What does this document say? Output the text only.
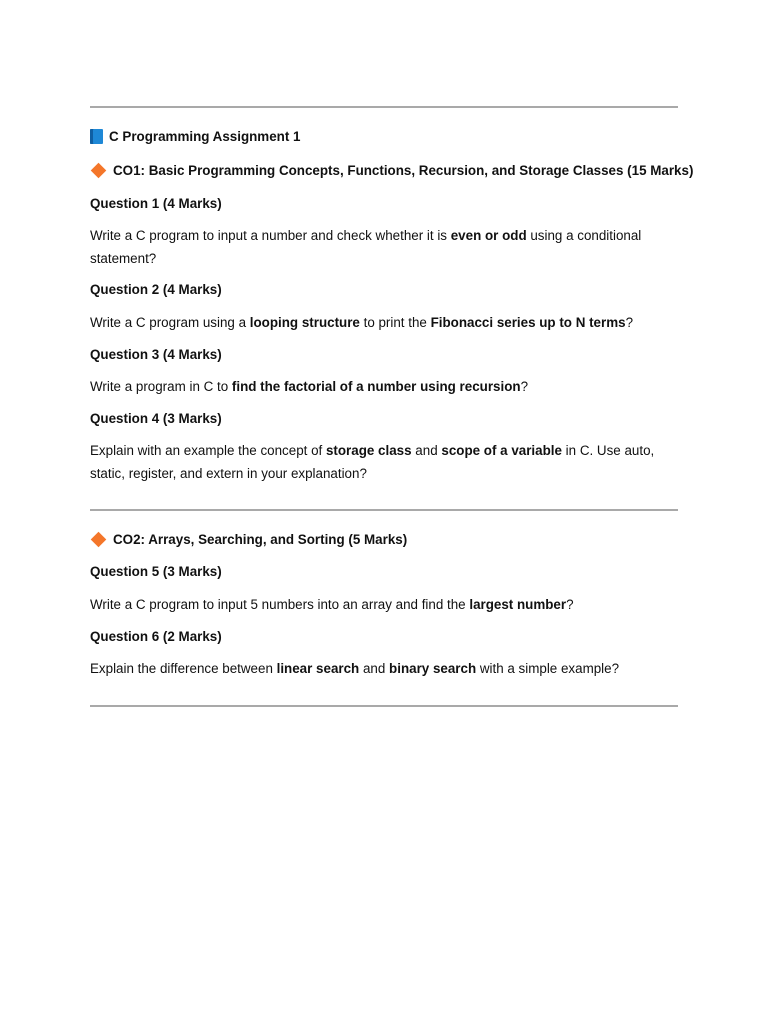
C Programming Assignment 1
CO1: Basic Programming Concepts, Functions, Recursion, and Storage Classes (15 Marks)
Question 1 (4 Marks)
Write a C program to input a number and check whether it is even or odd using a conditional statement?
Question 2 (4 Marks)
Write a C program using a looping structure to print the Fibonacci series up to N terms?
Question 3 (4 Marks)
Write a program in C to find the factorial of a number using recursion?
Question 4 (3 Marks)
Explain with an example the concept of storage class and scope of a variable in C. Use auto, static, register, and extern in your explanation?
CO2: Arrays, Searching, and Sorting (5 Marks)
Question 5 (3 Marks)
Write a C program to input 5 numbers into an array and find the largest number?
Question 6 (2 Marks)
Explain the difference between linear search and binary search with a simple example?
